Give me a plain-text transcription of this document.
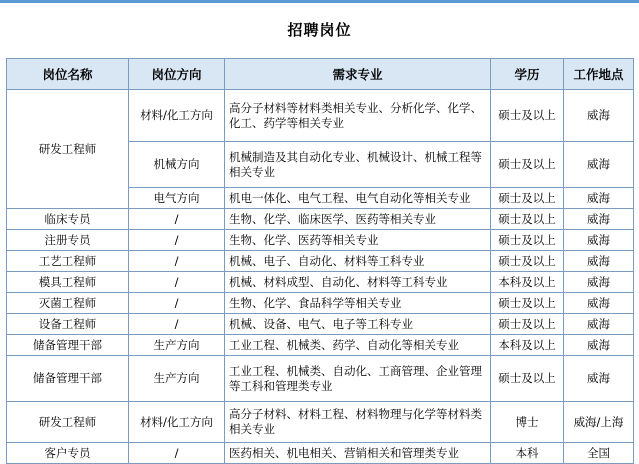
招聘岗位
岗位名称	岗位方向	需求专业	学历	工作地点
研发工程师	材料/化工方向	高分子材料等材料类相关专业、分析化学、化学、化工、药学等相关专业	硕士及以上	威海
	机械方向	机械制造及其自动化专业、机械设计、机械工程等相关专业	硕士及以上	威海
	电气方向	机电一体化、电气工程、电气自动化等相关专业	硕士及以上	威海
临床专员	/	生物、化学、临床医学、医药等相关专业	硕士及以上	威海
注册专员	/	生物、化学、医药等相关专业	硕士及以上	威海
工艺工程师	/	机械、电子、自动化、材料等工科专业	硕士及以上	威海
模具工程师	/	机械、材料成型、自动化、材料等工科专业	本科及以上	威海
灭菌工程师	/	生物、化学、食品科学等相关专业	硕士及以上	威海
设备工程师	/	机械、设备、电气、电子等工科专业	硕士及以上	威海
储备管理干部	生产方向	工业工程、机械类、药学、自动化等相关专业	本科及以上	威海
储备管理干部	生产方向	工业工程、机械类、自动化、工商管理、企业管理等工科和管理类专业	硕士及以上	威海
研发工程师	材料/化工方向	高分子材料、材料工程、材料物理与化学等材料类相关专业	博士	威海/上海
客户专员	/	医药相关、机电相关、营销相关和管理类专业	本科	全国
